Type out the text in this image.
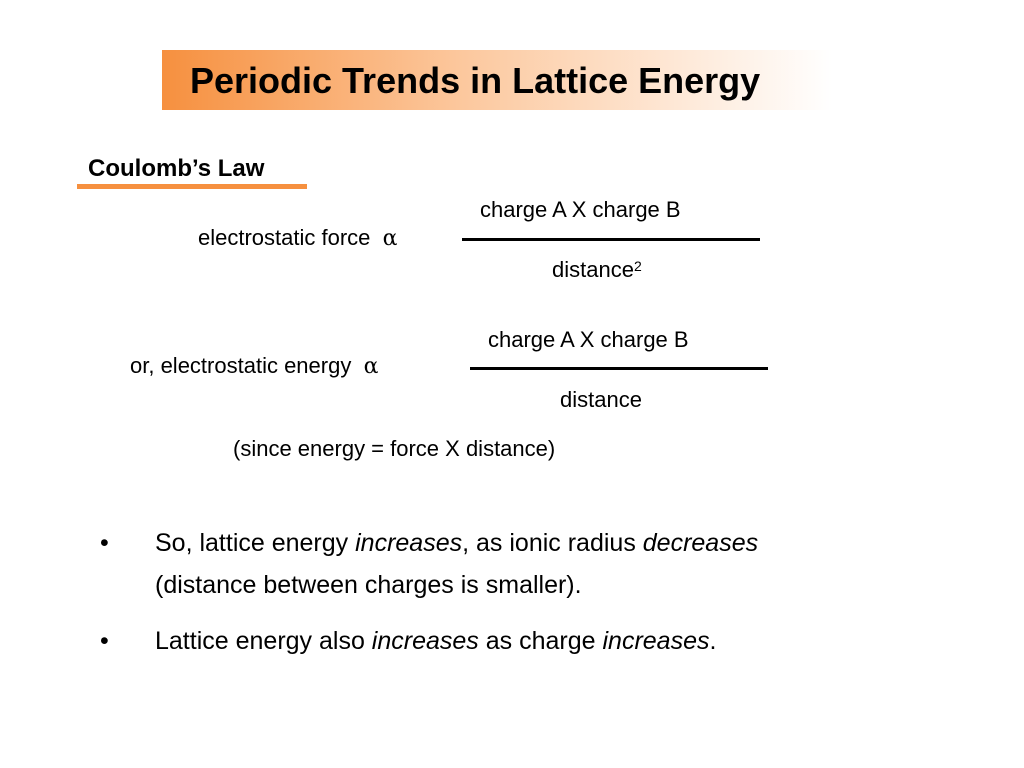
Periodic Trends in Lattice Energy
Coulomb’s Law
electrostatic force α
charge A X charge B
distance$^2$
or, electrostatic energy α
charge A X charge B
distance
(since energy = force X distance)
•	So, lattice energy increases, as ionic radius decreases
(distance between charges is smaller).
•	Lattice energy also increases as charge increases.
